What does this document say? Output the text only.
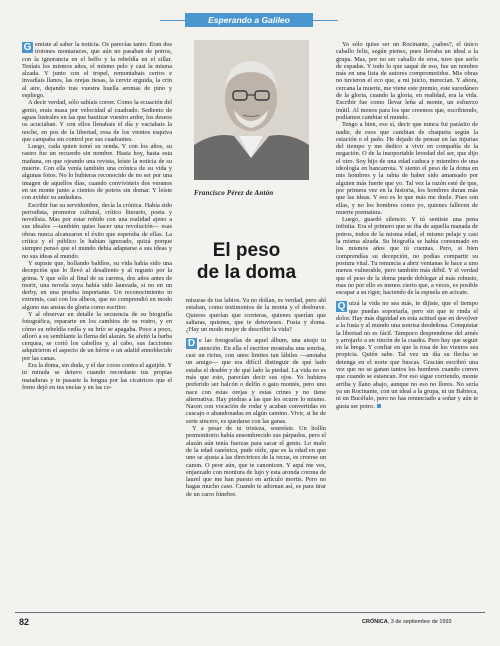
Esperando a Galileo

G emiste al saber la noticia. Os parecías tanto. Eran dos trotones montaraces, que aún no pasaban de potros, con la ignorancia en el belfo y la rebeldía en el sillar. Teníais los mismos años, el mismo pelo y casi la misma alzada. Y junto con el tropel, remontabais cerros e invadíais llanos, las orejas tiesas, la cerviz erguida, la crin al aire, dejando tras vuestra huella aromas de pino y espliego.

A decir verdad, sólo sabíais correr. Como la ecuación del genio, erais masa por velocidad al cuadrado. Sediento de aguas lustrales en las que bautizar vuestro ardor, los deseos os acuciaban. Y con ellos llenabais el día y vaciabais la noche, en pos de la libertad, rosa de los vientos esquiva que campaba sin control por sus cuadrantes.

Luego, cada quien tomó su senda. Y con los años, su rastro fue un recuerdo sin nombre. Hasta hoy, hasta esta mañana, en que ojeando una revista, leíste la noticia de su muerte. Con ella venía también una crónica de su vida y algunas fotos. No lo hubieras reconocido de no ser por una imagen de aquellos días, cuando convivisteis dos veranos en un monte junto a cientos de potros sin domar. Y leíste con avidez su andadura.

Escribir fue su servidumbre, decía la crónica. Había sido periodista, promotor cultural, crítico literario, poeta y novelista. Mas por estar reñido con una realidad ajeno a sus ideales —también quiso hacer una revolución— esas obras nunca alcanzaron el éxito que esperaba de ellas. La crítica y el público le habían ignorado, quizá porque siempre pensó que el mundo debía adaptarse a sus ideas y no sus ideas al mundo.

Y supiste que, hollando baldíos, su vida había sido una decepción que lo llevó al desaliento y al regusto por la grima. Y que sólo al final de su carrera, dos años antes de morir, una novela suya había sido laureada, si no en un derby, en una prueba importante. Un reconocimiento in extremis, casi con los albeos, que no comprendió en modo alguno sus ansias de gloria como escritor.

Y al observar en detalle la secuencia de su biografía fotográfica, repararte en los cambios de su rostro, y en cómo su rebeldía cedía y su brío se apagaba. Poco a poco, afloró a su semblante la flema del alazán. Se afeitó la barba cerquea, se cortó los cabellos y, al cabo, sus facciones adquirieron el aspecto de un héroe o un adalid ennoblecido por las canas.

Era la doma, sin duda, y el dar coces contra el aguijón. Y tu mirada se detuvo cuando recordaste tus propias mataduras y te pasaste la lengua por las cicatrices que el freno dejó en tus encías y en las co-

Francisco Pérez de Antón
El peso
de la doma

misuras de tus labios. Ya no dolían, es verdad, pero ahí estaban, como testimonios de la monta y el desbrave. Quieres querían que corrieras, quienes querían que saltaras, quienes, que te detuvieses. Fusta y doma. ¿Hay un modo mejor de describir la vida?

D e las fotografías de aquel álbum, una atrajo tu atención. En ella el escritor mostraba una sonrisa, casi un rictus, con unos limites tan lábiles —anotaba un amigo— que era difícil distinguir de qué lado estaba el desdén y de qué lado la piedad. La vida no es más que esto, parecían decir sus ojos. Yo hubiera preferido ser halcón o delfín o gato montés, pero uno nace con estas orejas y estas crines y no tiene alternativa. Hay piedras a las que les ocurre lo mismo. Nacen con vocación de rodar y acaban convertidas en cascajo o abandonadas en algún camino. Vivir, si he de serte sincero, es quedarse con las ganas.

Y a pesar de tu tristeza, sonreíste. Un hollín premonitorio había ensombrecido sus párpados, pero el alazán aún tenía fuerzas para sacar el genio. Lo malo de la edad canónica, pude oírle, que es la edad en que uno se ajusta a las directrices de la recua, es creerse un canon. O peor aún, que te canonicen. Y aquí me ves, enjaezado con montura de lujo y esta aronda corona de laurel que me han puesto en artículo mortis. Pero no hagas mucho caso. Cuando te adornan así, es para tirar de un carro fúnebre.

Yo sólo quise ser un Rocinante, ¿sabes?, el único caballo feliz, según pienso, pues llevaba un ideal a la grupa. Mas, por no ser caballo de oros, tuve que serlo de espadas. Y todo lo que saqué de eso, fue un nombre más en una lista de autores comprometidos. Mis obras no tuvieron el eco que, a mi juicio, merecían. Y ahora, cercana la muerte, me viene este premio, este sucedáneo de la gloria, cuando la gloria, en realidad, era la vida. Escribir fue como llevar leña al monte, un esfuerzo inútil. Al menos para los que creemos que, escribiendo, podíamos cambiar el mundo.

Tengo a bien, eso sí, decir que nunca fui parásito de nadie, de esos que cambian de chaqueta según la estación o el paño. He dejado de pensar en las injurias del tiempo y me dedico a vivir en compañía de la negación. O de la insoportable levedad del ser, que dijo el otro. Soy hijo de una edad caduca y miembro de una ideología en bancarrota. Y siento el peso de la doma en mis hombres y la rabia de haber sido amansado por alguien más fuerte que yo. Tal vez la razón esté de que, por primera vez en la historia, los hombres duran más que las ideas. Y eso es lo que más me duele. Pues son ellas, y no los hombres como yo, quienes fallecen de muerte prematura.

Luego, guardó silencio. Y tú sentiste una pena infinita. Era el primero que se iba de aquella manada de potros, todos de la misma edad, el mismo pelaje y casi la misma alzada. Su biografía se había consumado en los mismos años que tú cuentas. Pero, si bien comprendías su decepción, no podías compartir su postura vital. Tu renuncia a abrir ventanas le hace a uno menos vulnerable, pero también más débil. Y el verdad que el peso de la doma puede doblegar al más robusto, mas no por ello es menos cierto que, a veces, es posible escapar a su rigor, haciendo de la espuela un acicate.

Q uizá la vida no sea más, te dijiste, que el tiempo que puedas soportarla, pero sin que te rinda el dolor. Hay más dignidad en esta actitud que en devolver a la fusta y al mundo una sonrisa desdeñosa. Conquistar la libertad no es fácil. Tampoco desprenderse del arnés y arrojarlo a un rincón de la cuadra. Pero hay que seguir en la brega. Y confiar en que la rosa de los vientos sea propicia. Quién sabe. Tal vez un día su flecha se detenga en el norte que buscas. Gracián escribió una vez que no se ganan tantos los hombres cuando corren que cuando se estancan. Por eso sigue corriendo, monte arriba y llano abajo, aunque no eso no llores. No sería ya un Rocinante, con un ideal a la grupa, ni un Babieca, ni un Bucéfalo, pero no has renunciado a soñar y aún te gusta ser potro.

82	CRÓNICA, 3 de septiembre de 1993
